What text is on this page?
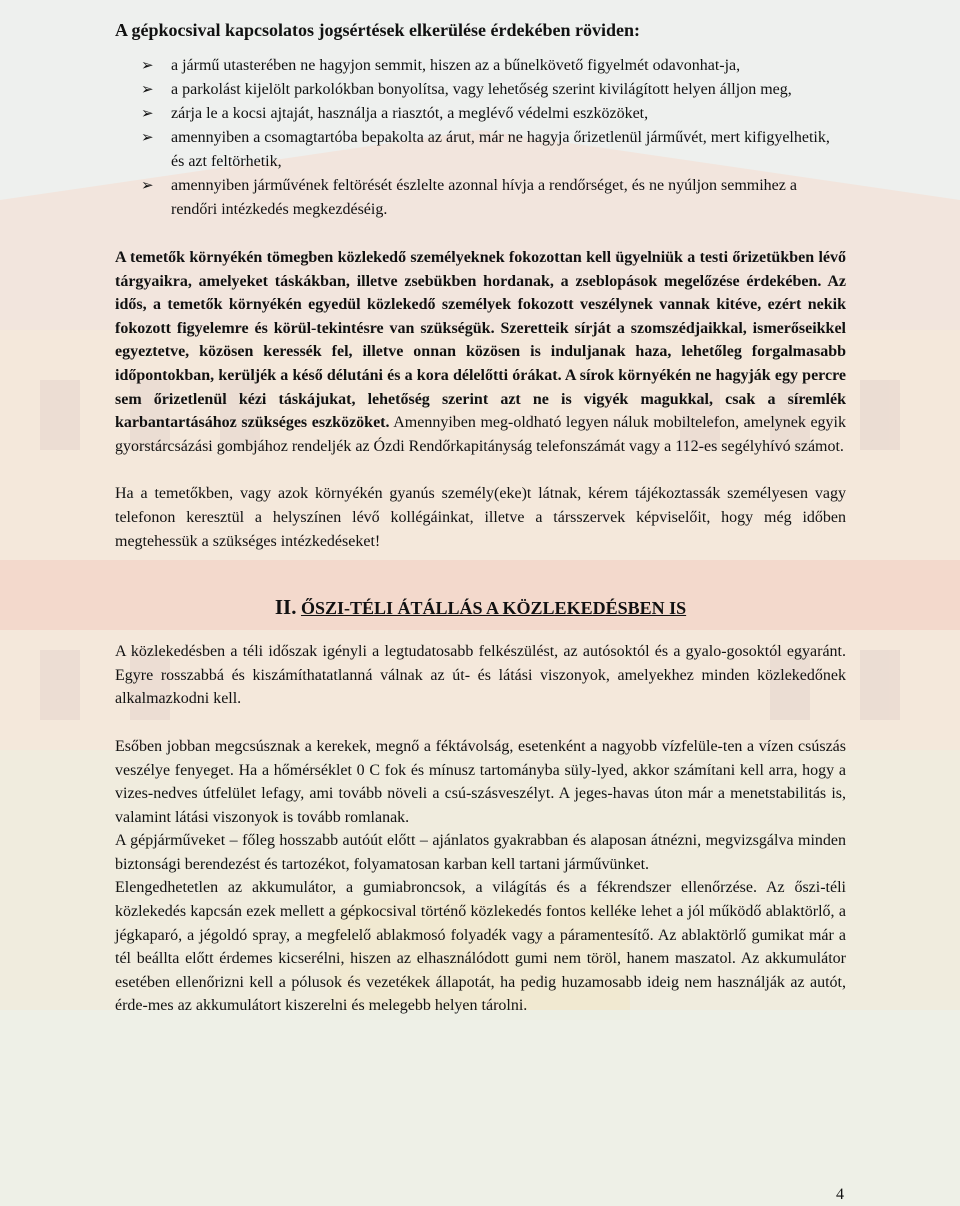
A gépkocsival kapcsolatos jogsértések elkerülése érdekében röviden:
➢ a jármű utasterében ne hagyjon semmit, hiszen az a bűnelkövető figyelmét odavonhat-ja,
➢ a parkolást kijelölt parkolókban bonyolítsa, vagy lehetőség szerint kivilágított helyen álljon meg,
➢ zárja le a kocsi ajtaját, használja a riasztót, a meglévő védelmi eszközöket,
➢ amennyiben a csomagtartóba bepakolta az árut, már ne hagyja őrizetlenül járművét, mert kifigyelhetik, és azt feltörhetik,
➢ amennyiben járművének feltörését észlelte azonnal hívja a rendőrséget, és ne nyúljon semmihez a rendőri intézkedés megkezdéséig.

A temetők környékén tömegben közlekedő személyeknek fokozottan kell ügyelniük a testi őrizetükben lévő tárgyaikra, amelyeket táskákban, illetve zsebükben hordanak, a zseblopások megelőzése érdekében. Az idős, a temetők környékén egyedül közlekedő személyek fokozott veszélynek vannak kitéve, ezért nekik fokozott figyelemre és körül-tekintésre van szükségük. Szeretteik sírját a szomszédjaikkal, ismerőseikkel egyeztetve, közösen keressék fel, illetve onnan közösen is induljanak haza, lehetőleg forgalmasabb időpontokban, kerüljék a késő délutáni és a kora délelőtti órákat. A sírok környékén ne hagyják egy percre sem őrizetlenül kézi táskájukat, lehetőség szerint azt ne is vigyék magukkal, csak a síremlék karbantartásához szükséges eszközöket. Amennyiben meg-oldható legyen náluk mobiltelefon, amelynek egyik gyorstárcsázási gombjához rendeljék az Ózdi Rendőrkapitányság telefonszámát vagy a 112-es segélyhívó számot.

Ha a temetőkben, vagy azok környékén gyanús személy(eke)t látnak, kérem tájékoztassák személyesen vagy telefonon keresztül a helyszínen lévő kollégáinkat, illetve a társszervek képviselőit, hogy még időben megtehessük a szükséges intézkedéseket!

II. ŐSZI-TÉLI ÁTÁLLÁS A KÖZLEKEDÉSBEN IS

A közlekedésben a téli időszak igényli a legtudatosabb felkészülést, az autósoktól és a gyalo-gosoktól egyaránt. Egyre rosszabbá és kiszámíthatatlanná válnak az út- és látási viszonyok, amelyekhez minden közlekedőnek alkalmazkodni kell.

Esőben jobban megcsúsznak a kerekek, megnő a féktávolság, esetenként a nagyobb vízfelüle-ten a vízen csúszás veszélye fenyeget. Ha a hőmérséklet 0 C fok és mínusz tartományba süly-lyed, akkor számítani kell arra, hogy a vizes-nedves útfelület lefagy, ami tovább növeli a csú-szásveszélyt. A jeges-havas úton már a menetstabilitás is, valamint látási viszonyok is tovább romlanak.

A gépjárműveket – főleg hosszabb autóút előtt – ajánlatos gyakrabban és alaposan átnézni, megvizsgálva minden biztonsági berendezést és tartozékot, folyamatosan karban kell tartani járművünket.

Elengedhetetlen az akkumulátor, a gumiabroncsok, a világítás és a fékrendszer ellenőrzése. Az őszi-téli közlekedés kapcsán ezek mellett a gépkocsival történő közlekedés fontos kelléke lehet a jól működő ablaktörlő, a jégkaparó, a jégoldó spray, a megfelelő ablakmosó folyadék vagy a páramentesítő. Az ablaktörlő gumikat már a tél beállta előtt érdemes kicserélni, hiszen az elhasználódott gumi nem töröl, hanem maszatol. Az akkumulátor esetében ellenőrizni kell a pólusok és vezetékek állapotát, ha pedig huzamosabb ideig nem használják az autót, érde-mes az akkumulátort kiszerelni és melegebb helyen tárolni.

4
